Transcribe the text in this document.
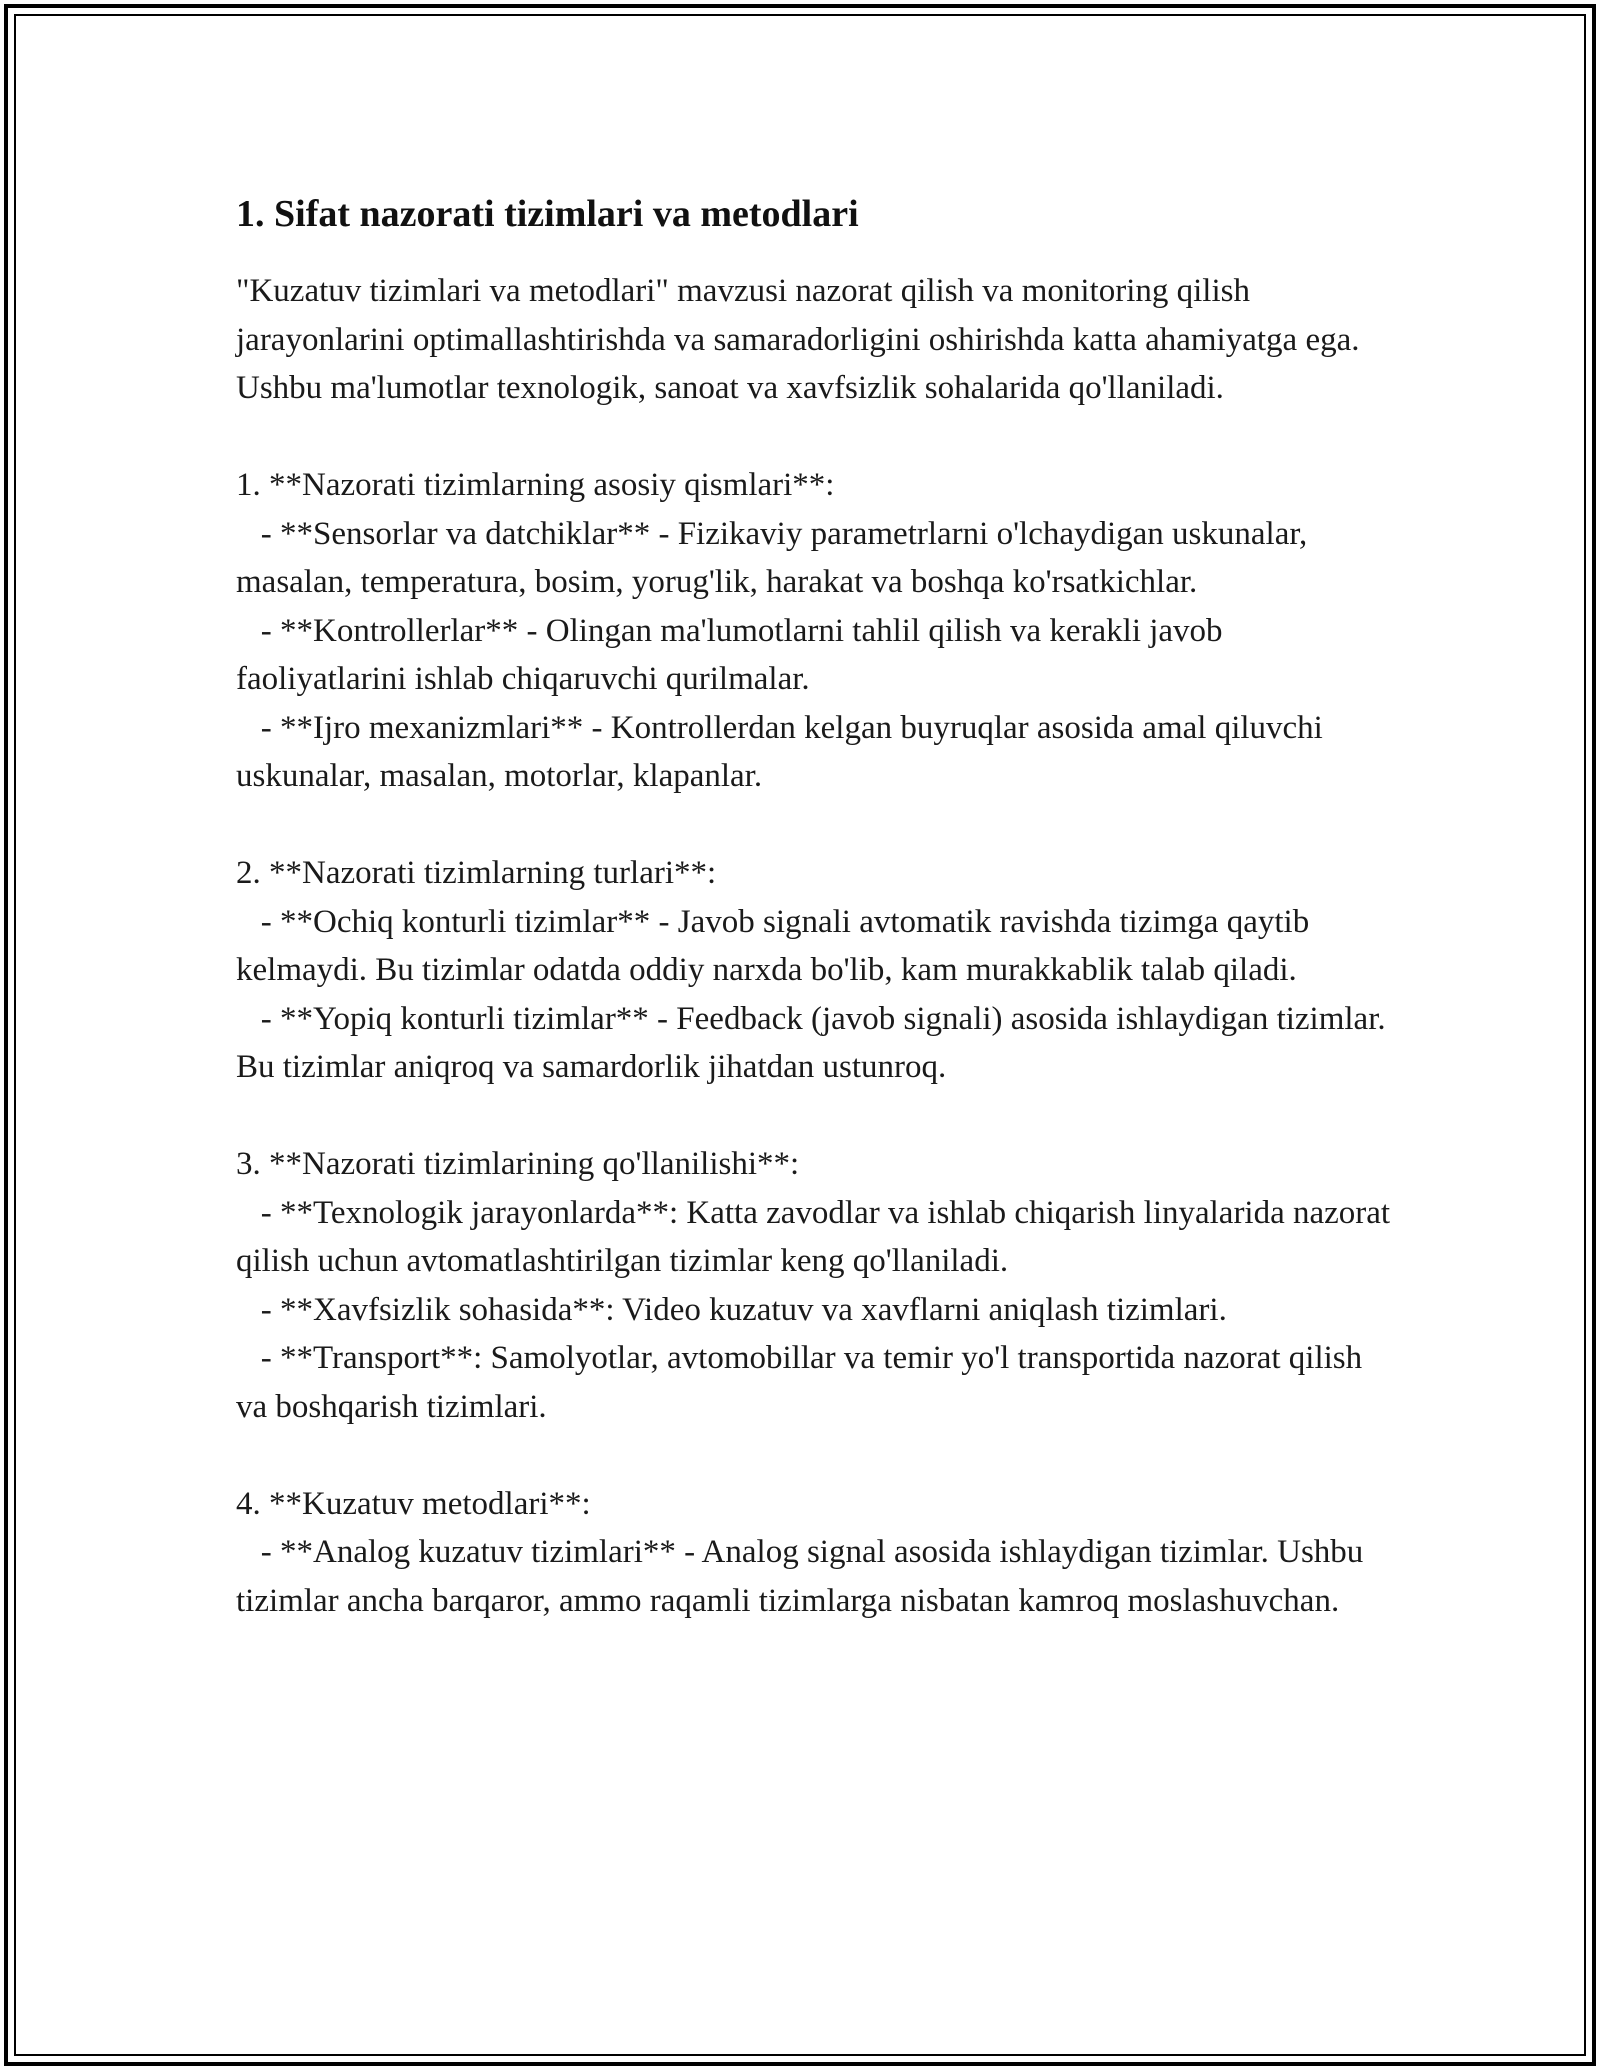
1. Sifat nazorati tizimlari va metodlari

"Kuzatuv tizimlari va metodlari" mavzusi nazorat qilish va monitoring qilish jarayonlarini optimallashtirishda va samaradorligini oshirishda katta ahamiyatga ega. Ushbu ma'lumotlar texnologik, sanoat va xavfsizlik sohalarida qo'llaniladi.

1. **Nazorati tizimlarning asosiy qismlari**:

- **Sensorlar va datchiklar** - Fizikaviy parametrlarni o'lchaydigan uskunalar, masalan, temperatura, bosim, yorug'lik, harakat va boshqa ko'rsatkichlar.

- **Kontrollerlar** - Olingan ma'lumotlarni tahlil qilish va kerakli javob faoliyatlarini ishlab chiqaruvchi qurilmalar.

- **Ijro mexanizmlari** - Kontrollerdan kelgan buyruqlar asosida amal qiluvchi uskunalar, masalan, motorlar, klapanlar.

2. **Nazorati tizimlarning turlari**:

- **Ochiq konturli tizimlar** - Javob signali avtomatik ravishda tizimga qaytib kelmaydi. Bu tizimlar odatda oddiy narxda bo'lib, kam murakkablik talab qiladi.

- **Yopiq konturli tizimlar** - Feedback (javob signali) asosida ishlaydigan tizimlar. Bu tizimlar aniqroq va samardorlik jihatdan ustunroq.

3. **Nazorati tizimlarining qo'llanilishi**:

- **Texnologik jarayonlarda**: Katta zavodlar va ishlab chiqarish linyalarida nazorat qilish uchun avtomatlashtirilgan tizimlar keng qo'llaniladi.

- **Xavfsizlik sohasida**: Video kuzatuv va xavflarni aniqlash tizimlari.

- **Transport**: Samolyotlar, avtomobillar va temir yo'l transportida nazorat qilish va boshqarish tizimlari.

4. **Kuzatuv metodlari**:

- **Analog kuzatuv tizimlari** - Analog signal asosida ishlaydigan tizimlar. Ushbu tizimlar ancha barqaror, ammo raqamli tizimlarga nisbatan kamroq moslashuvchan.
